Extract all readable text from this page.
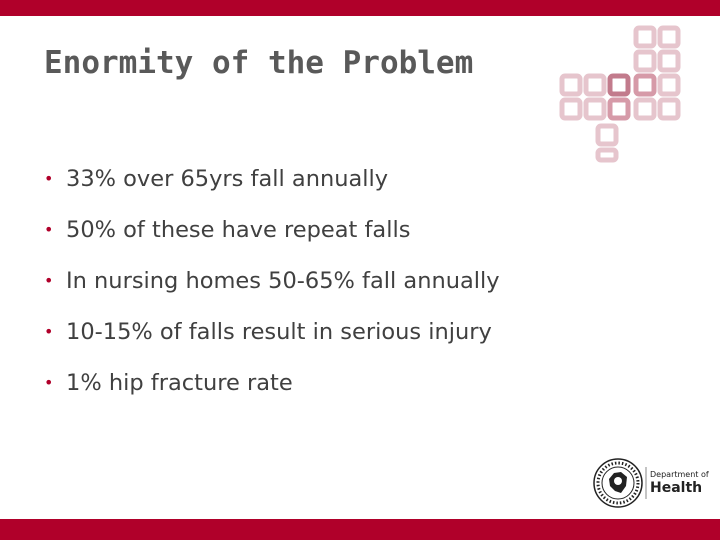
Enormity of the Problem
• 33% over 65yrs fall annually
• 50% of these have repeat falls
• In nursing homes 50-65% fall annually
• 10-15% of falls result in serious injury
• 1% hip fracture rate
Department of
Health
